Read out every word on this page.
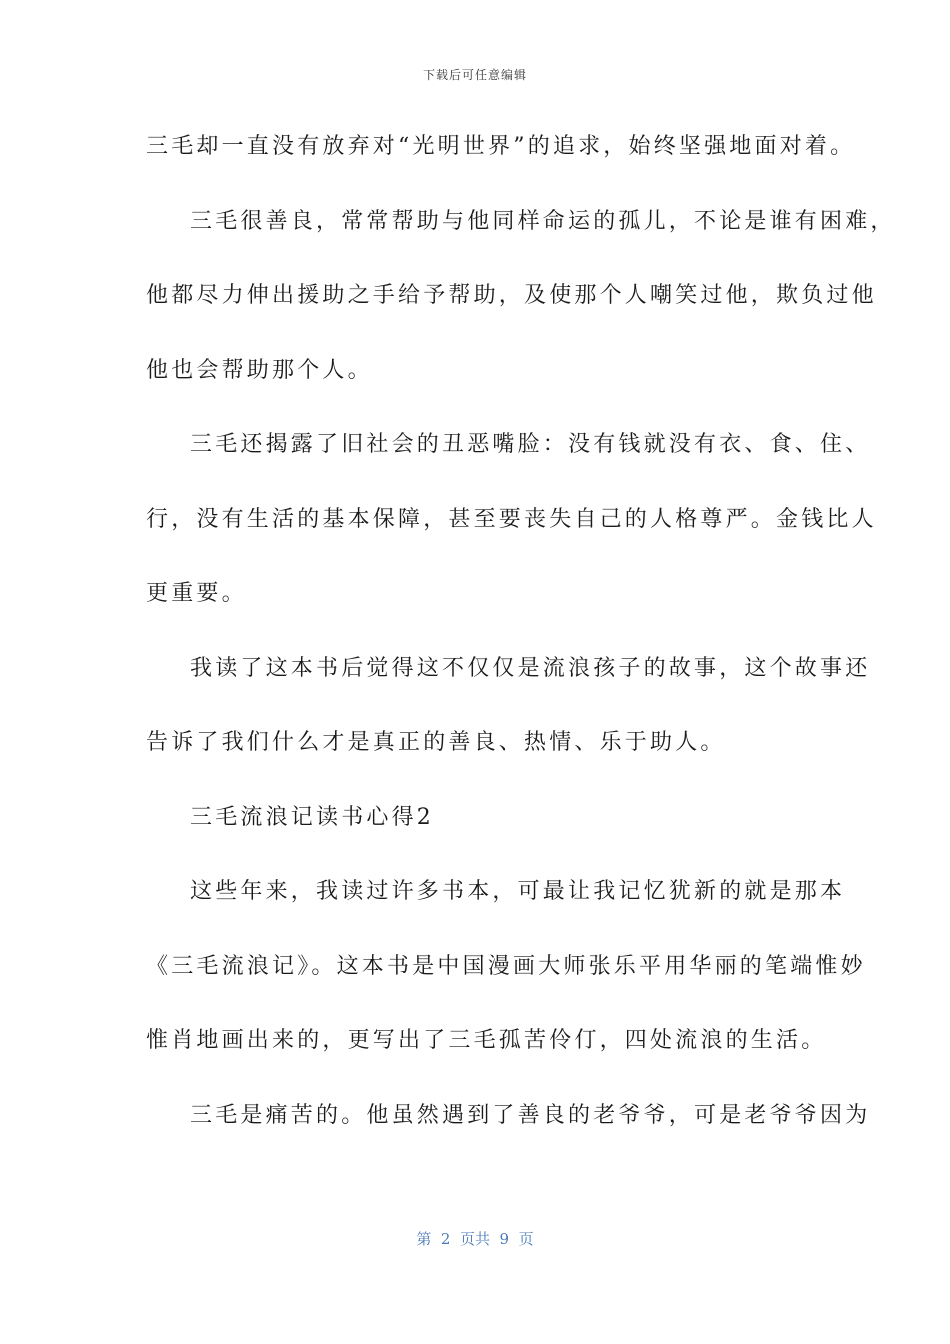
下载后可任意编辑
三毛却一直没有放弃对“光明世界”的追求，始终坚强地面对着。
三毛很善良，常常帮助与他同样命运的孤儿，不论是谁有困难，
他都尽力伸出援助之手给予帮助，及使那个人嘲笑过他，欺负过他
他也会帮助那个人。
三毛还揭露了旧社会的丑恶嘴脸：没有钱就没有衣、食、住、
行，没有生活的基本保障，甚至要丧失自己的人格尊严。金钱比人
更重要。
我读了这本书后觉得这不仅仅是流浪孩子的故事，这个故事还
告诉了我们什么才是真正的善良、热情、乐于助人。
三毛流浪记读书心得2
这些年来，我读过许多书本，可最让我记忆犹新的就是那本
《三毛流浪记》。这本书是中国漫画大师张乐平用华丽的笔端惟妙
惟肖地画出来的，更写出了三毛孤苦伶仃，四处流浪的生活。
三毛是痛苦的。他虽然遇到了善良的老爷爷，可是老爷爷因为
第  2  页共  9  页
